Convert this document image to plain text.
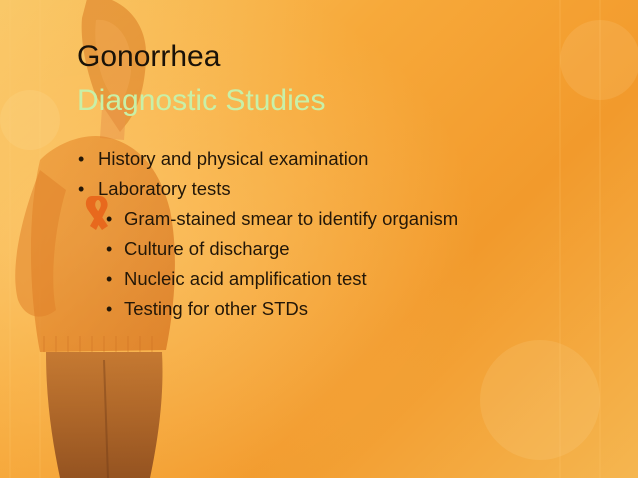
Gonorrhea
Diagnostic Studies
• History and physical examination
• Laboratory tests
• Gram-stained smear to identify organism
• Culture of discharge
• Nucleic acid amplification test
• Testing for other STDs
